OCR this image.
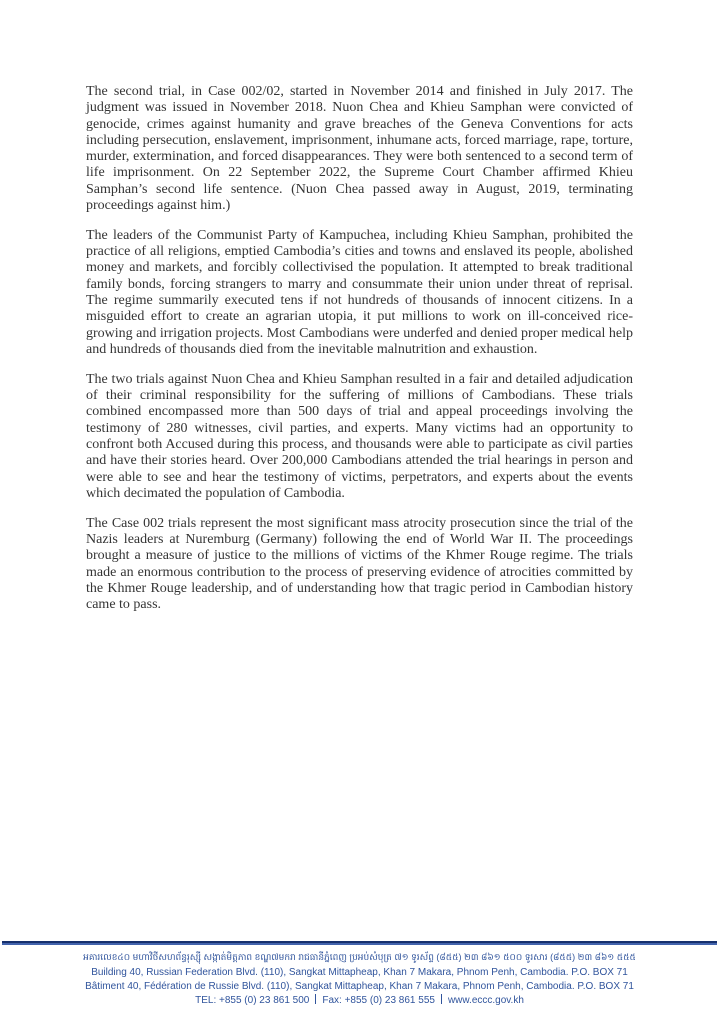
The second trial, in Case 002/02, started in November 2014 and finished in July 2017. The judgment was issued in November 2018. Nuon Chea and Khieu Samphan were convicted of genocide, crimes against humanity and grave breaches of the Geneva Conventions for acts including persecution, enslavement, imprisonment, inhumane acts, forced marriage, rape, torture, murder, extermination, and forced disappearances. They were both sentenced to a second term of life imprisonment. On 22 September 2022, the Supreme Court Chamber affirmed Khieu Samphan’s second life sentence. (Nuon Chea passed away in August, 2019, terminating proceedings against him.)

The leaders of the Communist Party of Kampuchea, including Khieu Samphan, prohibited the practice of all religions, emptied Cambodia’s cities and towns and enslaved its people, abolished money and markets, and forcibly collectivised the population. It attempted to break traditional family bonds, forcing strangers to marry and consummate their union under threat of reprisal. The regime summarily executed tens if not hundreds of thousands of innocent citizens. In a misguided effort to create an agrarian utopia, it put millions to work on ill-conceived rice-growing and irrigation projects. Most Cambodians were underfed and denied proper medical help and hundreds of thousands died from the inevitable malnutrition and exhaustion.

The two trials against Nuon Chea and Khieu Samphan resulted in a fair and detailed adjudication of their criminal responsibility for the suffering of millions of Cambodians. These trials combined encompassed more than 500 days of trial and appeal proceedings involving the testimony of 280 witnesses, civil parties, and experts. Many victims had an opportunity to confront both Accused during this process, and thousands were able to participate as civil parties and have their stories heard. Over 200,000 Cambodians attended the trial hearings in person and were able to see and hear the testimony of victims, perpetrators, and experts about the events which decimated the population of Cambodia.

The Case 002 trials represent the most significant mass atrocity prosecution since the trial of the Nazis leaders at Nuremburg (Germany) following the end of World War II. The proceedings brought a measure of justice to the millions of victims of the Khmer Rouge regime. The trials made an enormous contribution to the process of preserving evidence of atrocities committed by the Khmer Rouge leadership, and of understanding how that tragic period in Cambodian history came to pass.

អគារលេខ៤០ មហាវិថីសហព័ន្ធរុស្ស៊ី សង្កាត់មិត្តភាព ខណ្ឌ៧មករា រាជធានីភ្នំពេញ ប្រអប់សំបុត្រ ៧១ ទូរស័ព្ទ (៨៥៥) ២៣ ៨៦១ ៥០០ ទូរសារ (៨៥៥) ២៣ ៨៦១ ៥៥៥
Building 40, Russian Federation Blvd. (110), Sangkat Mittapheap, Khan 7 Makara, Phnom Penh, Cambodia. P.O. BOX 71
Bâtiment 40, Fédération de Russie Blvd. (110), Sangkat Mittapheap, Khan 7 Makara, Phnom Penh, Cambodia. P.O. BOX 71
TEL: +855 (0) 23 861 500 Fax: +855 (0) 23 861 555 www.eccc.gov.kh
